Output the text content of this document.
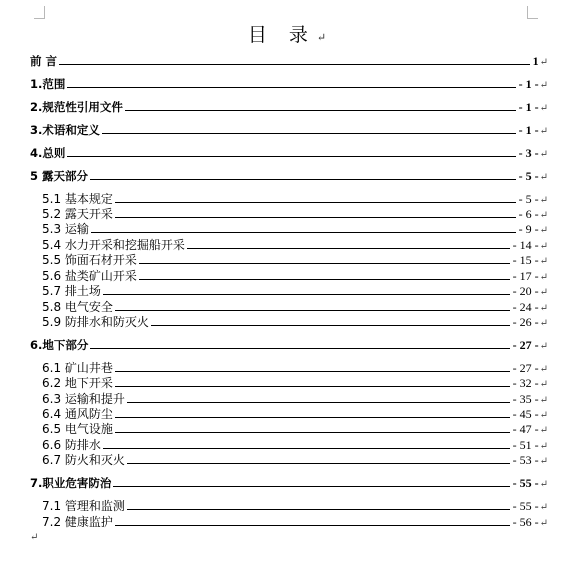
目 录↵
前 言	1 ↵
1.范围	- 1 - ↵
2.规范性引用文件	- 1 - ↵
3.术语和定义	- 1 - ↵
4.总则	- 3 - ↵
5 露天部分	- 5 - ↵
5.1 基本规定	- 5 - ↵
5.2 露天开采	- 6 - ↵
5.3 运输	- 9 - ↵
5.4 水力开采和挖掘船开采	- 14 - ↵
5.5 饰面石材开采	- 15 - ↵
5.6 盐类矿山开采	- 17 - ↵
5.7 排土场	- 20 - ↵
5.8 电气安全	- 24 - ↵
5.9 防排水和防灭火	- 26 - ↵
6.地下部分	- 27 - ↵
6.1 矿山井巷	- 27 - ↵
6.2 地下开采	- 32 - ↵
6.3 运输和提升	- 35 - ↵
6.4 通风防尘	- 45 - ↵
6.5 电气设施	- 47 - ↵
6.6 防排水	- 51 - ↵
6.7 防火和灭火	- 53 - ↵
7.职业危害防治	- 55 - ↵
7.1 管理和监测	- 55 - ↵
7.2 健康监护	- 56 - ↵
↵
